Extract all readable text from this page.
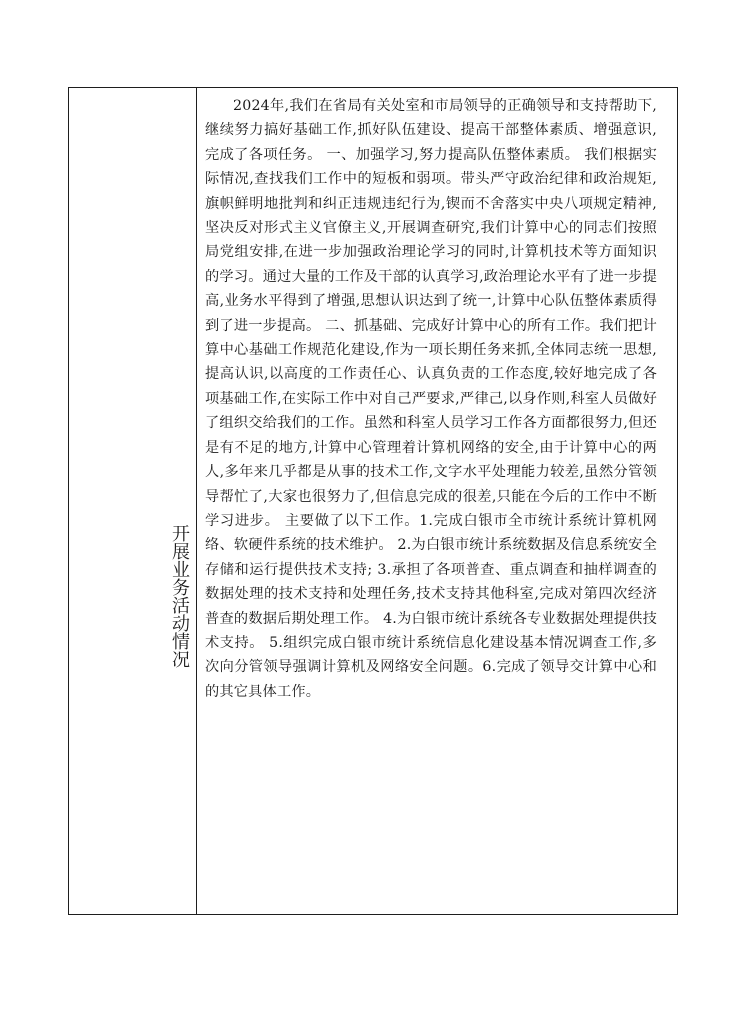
开展业务活动情况

2024年,我们在省局有关处室和市局领导的正确领导和支持帮助下,继续努力搞好基础工作,抓好队伍建设、提高干部整体素质、增强意识,完成了各项任务。 一、加强学习,努力提高队伍整体素质。 我们根据实际情况,查找我们工作中的短板和弱项。带头严守政治纪律和政治规矩,旗帜鲜明地批判和纠正违规违纪行为,锲而不舍落实中央八项规定精神,坚决反对形式主义官僚主义,开展调查研究,我们计算中心的同志们按照局党组安排,在进一步加强政治理论学习的同时,计算机技术等方面知识的学习。通过大量的工作及干部的认真学习,政治理论水平有了进一步提高,业务水平得到了增强,思想认识达到了统一,计算中心队伍整体素质得到了进一步提高。 二、抓基础、完成好计算中心的所有工作。我们把计算中心基础工作规范化建设,作为一项长期任务来抓,全体同志统一思想,提高认识,以高度的工作责任心、认真负责的工作态度,较好地完成了各项基础工作,在实际工作中对自己严要求,严律己,以身作则,科室人员做好了组织交给我们的工作。虽然和科室人员学习工作各方面都很努力,但还是有不足的地方,计算中心管理着计算机网络的安全,由于计算中心的两人,多年来几乎都是从事的技术工作,文字水平处理能力较差,虽然分管领导帮忙了,大家也很努力了,但信息完成的很差,只能在今后的工作中不断学习进步。 主要做了以下工作。1.完成白银市全市统计系统计算机网络、软硬件系统的技术维护。 2.为白银市统计系统数据及信息系统安全存储和运行提供技术支持; 3.承担了各项普查、重点调查和抽样调查的数据处理的技术支持和处理任务,技术支持其他科室,完成对第四次经济普查的数据后期处理工作。 4.为白银市统计系统各专业数据处理提供技术支持。 5.组织完成白银市统计系统信息化建设基本情况调查工作,多次向分管领导强调计算机及网络安全问题。6.完成了领导交计算中心和的其它具体工作。
